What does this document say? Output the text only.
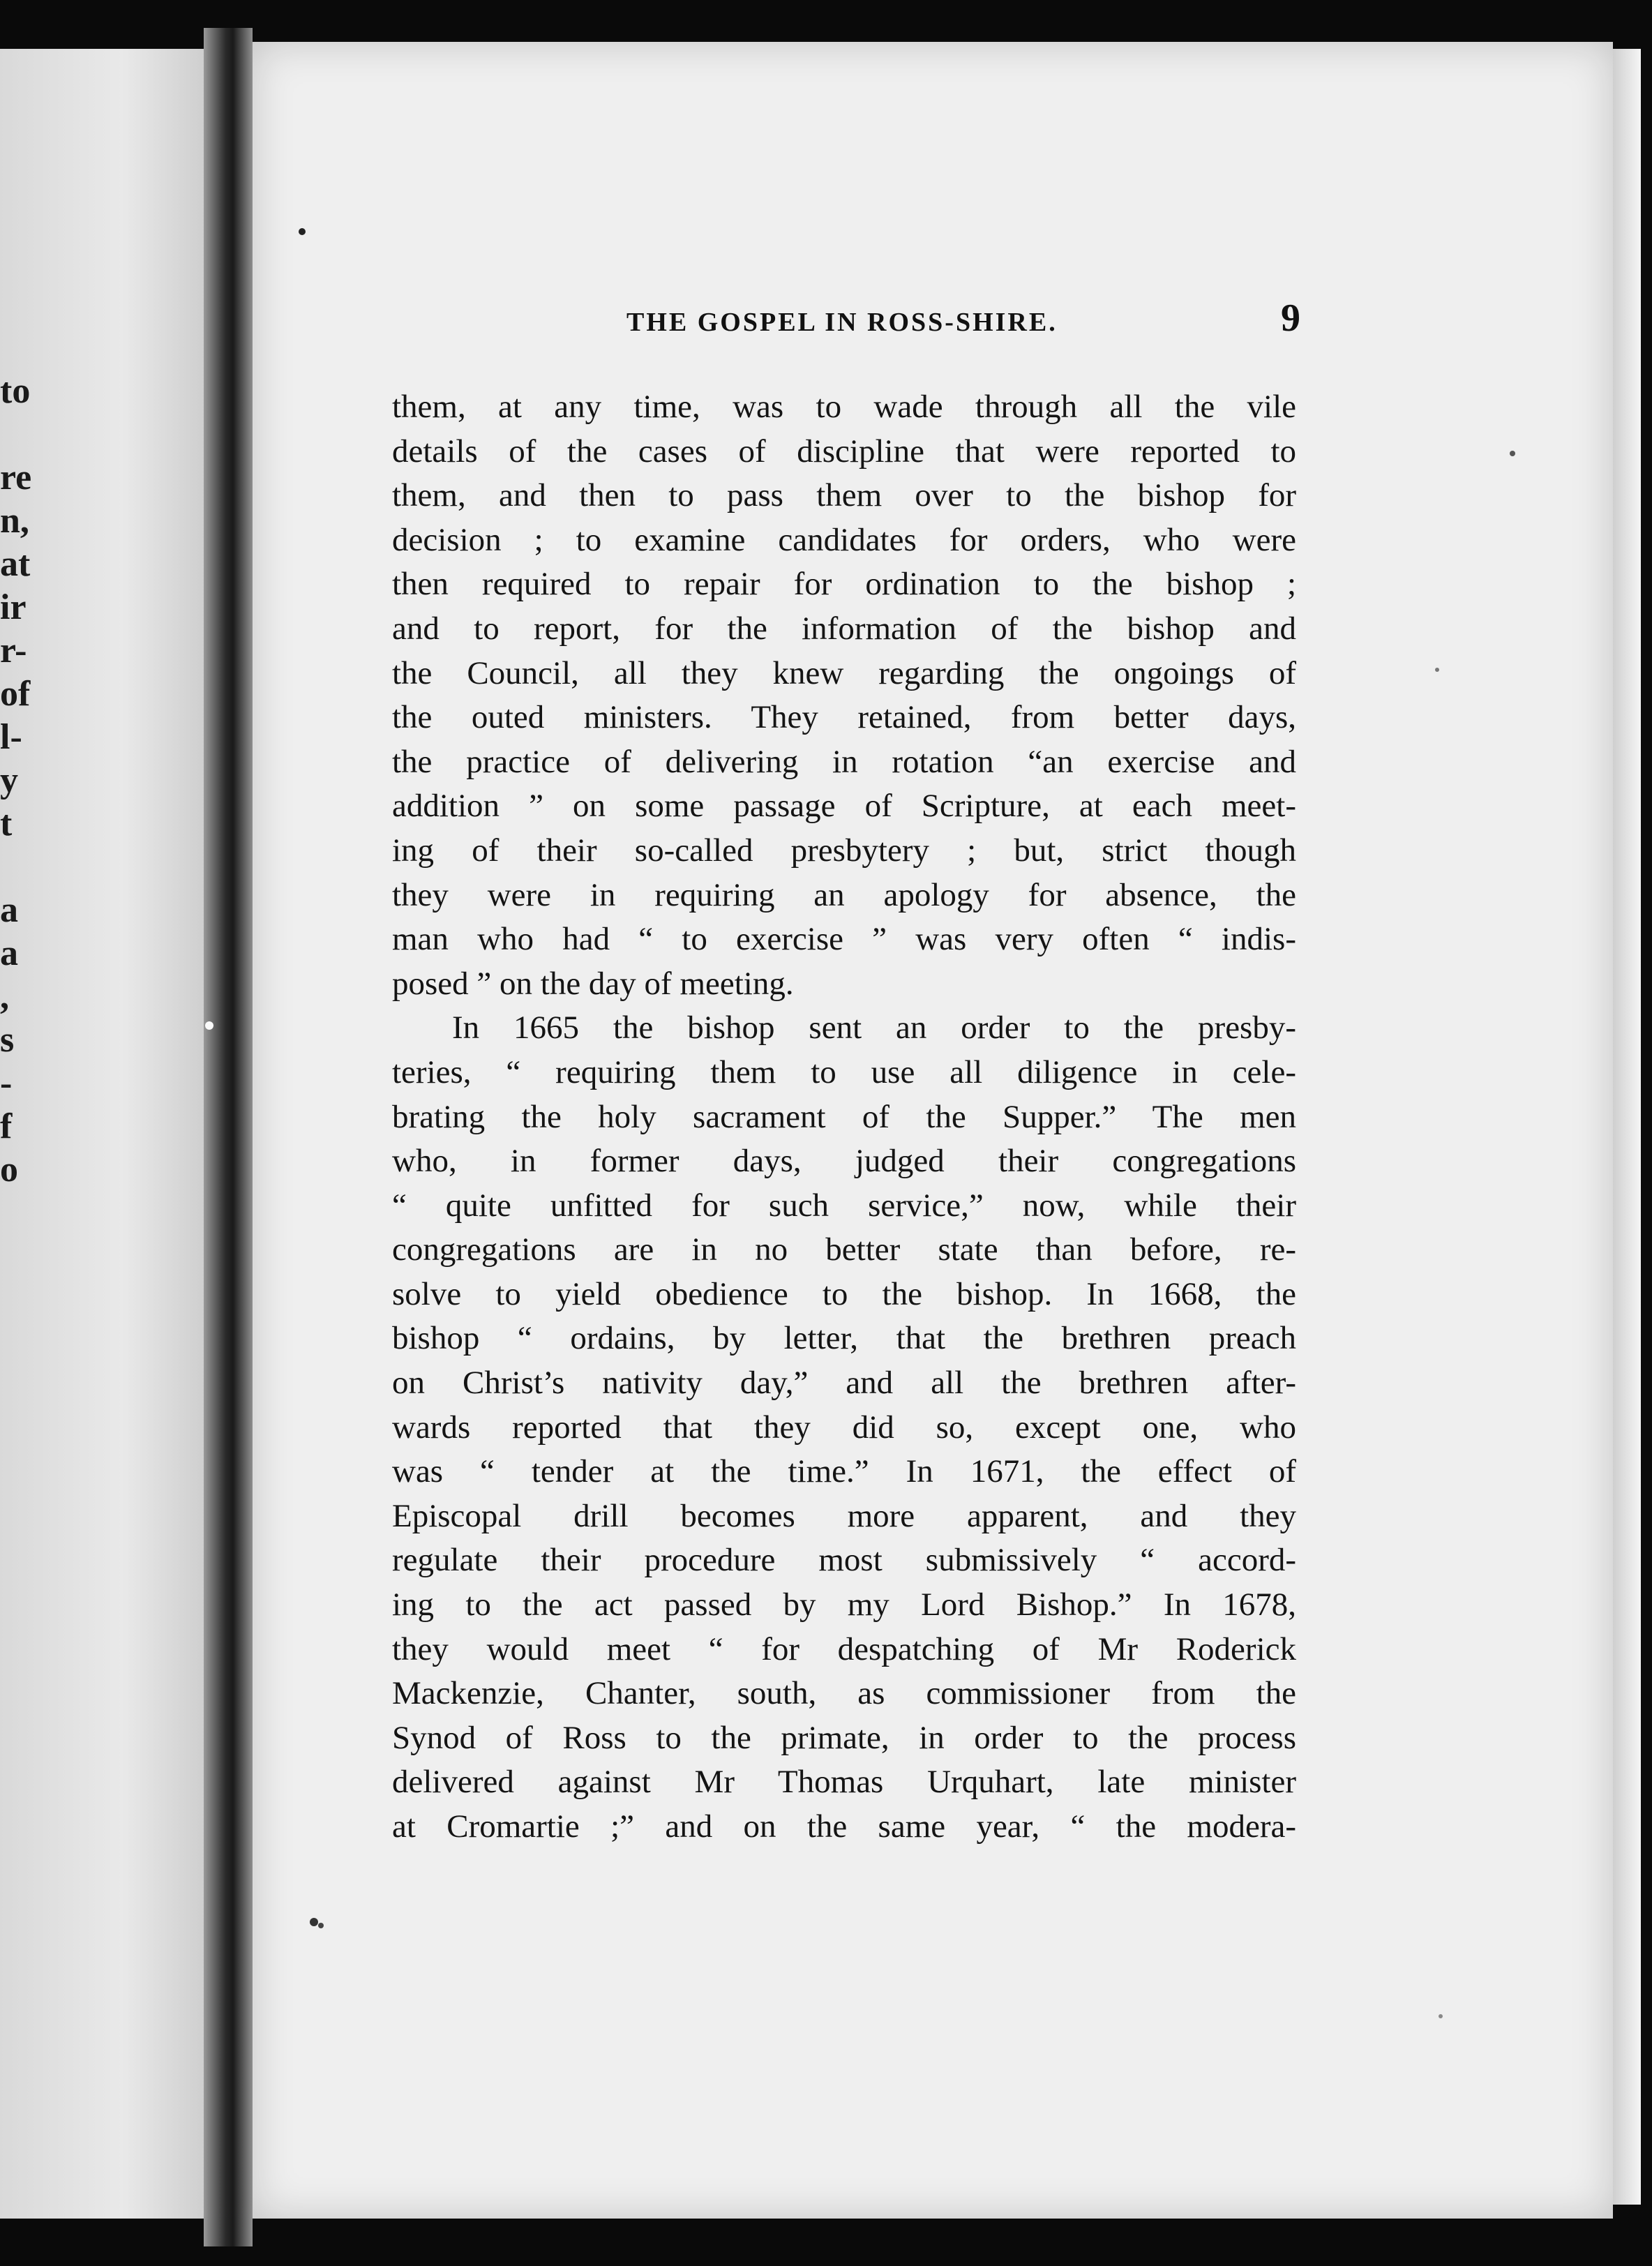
to
re
n,
at
ir
r-
of
l-
y
t
a
a
,
s
-
f
o
THE GOSPEL IN ROSS-SHIRE.	9
them, at any time, was to wade through all the vile
details of the cases of discipline that were reported to
them, and then to pass them over to the bishop for
decision ; to examine candidates for orders, who were
then required to repair for ordination to the bishop ;
and to report, for the information of the bishop and
the Council, all they knew regarding the ongoings of
the outed ministers. They retained, from better days,
the practice of delivering in rotation “an exercise and
addition ” on some passage of Scripture, at each meet-
ing of their so-called presbytery ; but, strict though
they were in requiring an apology for absence, the
man who had “ to exercise ” was very often “ indis-
posed ” on the day of meeting.
In 1665 the bishop sent an order to the presby-
teries, “ requiring them to use all diligence in cele-
brating the holy sacrament of the Supper.” The men
who, in former days, judged their congregations
“ quite unfitted for such service,” now, while their
congregations are in no better state than before, re-
solve to yield obedience to the bishop. In 1668, the
bishop “ ordains, by letter, that the brethren preach
on Christ’s nativity day,” and all the brethren after-
wards reported that they did so, except one, who
was “ tender at the time.” In 1671, the effect of
Episcopal drill becomes more apparent, and they
regulate their procedure most submissively “ accord-
ing to the act passed by my Lord Bishop.” In 1678,
they would meet “ for despatching of Mr Roderick
Mackenzie, Chanter, south, as commissioner from the
Synod of Ross to the primate, in order to the process
delivered against Mr Thomas Urquhart, late minister
at Cromartie ;” and on the same year, “ the modera-
